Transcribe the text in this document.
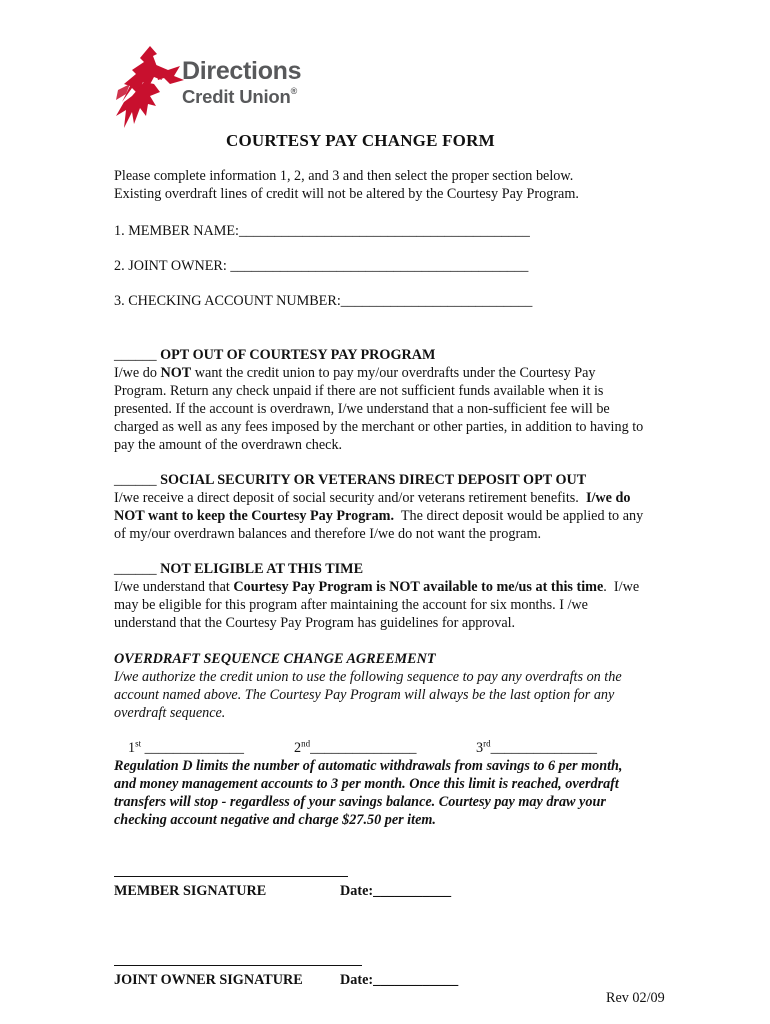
Directions
Credit Union®
COURTESY PAY CHANGE FORM
Please complete information 1, 2, and 3 and then select the proper section below.
Existing overdraft lines of credit will not be altered by the Courtesy Pay Program.
1. MEMBER NAME:_________________________________________
2. JOINT OWNER: __________________________________________
3. CHECKING ACCOUNT NUMBER:___________________________
______ OPT OUT OF COURTESY PAY PROGRAM
I/we do NOT want the credit union to pay my/our overdrafts under the Courtesy Pay
Program. Return any check unpaid if there are not sufficient funds available when it is
presented. If the account is overdrawn, I/we understand that a non-sufficient fee will be
charged as well as any fees imposed by the merchant or other parties, in addition to having to
pay the amount of the overdrawn check.
______ SOCIAL SECURITY OR VETERANS DIRECT DEPOSIT OPT OUT
I/we receive a direct deposit of social security and/or veterans retirement benefits.  I/we do
NOT want to keep the Courtesy Pay Program.  The direct deposit would be applied to any
of my/our overdrawn balances and therefore I/we do not want the program.
______ NOT ELIGIBLE AT THIS TIME
I/we understand that Courtesy Pay Program is NOT available to me/us at this time.  I/we
may be eligible for this program after maintaining the account for six months. I /we
understand that the Courtesy Pay Program has guidelines for approval.
OVERDRAFT SEQUENCE CHANGE AGREEMENT
I/we authorize the credit union to use the following sequence to pay any overdrafts on the
account named above. The Courtesy Pay Program will always be the last option for any
overdraft sequence.
1st ______________	2nd_______________	3rd_______________
Regulation D limits the number of automatic withdrawals from savings to 6 per month,
and money management accounts to 3 per month. Once this limit is reached, overdraft
transfers will stop - regardless of your savings balance. Courtesy pay may draw your
checking account negative and charge $27.50 per item.
MEMBER SIGNATURE	Date:___________
JOINT OWNER SIGNATURE	Date:____________
Rev 02/09
